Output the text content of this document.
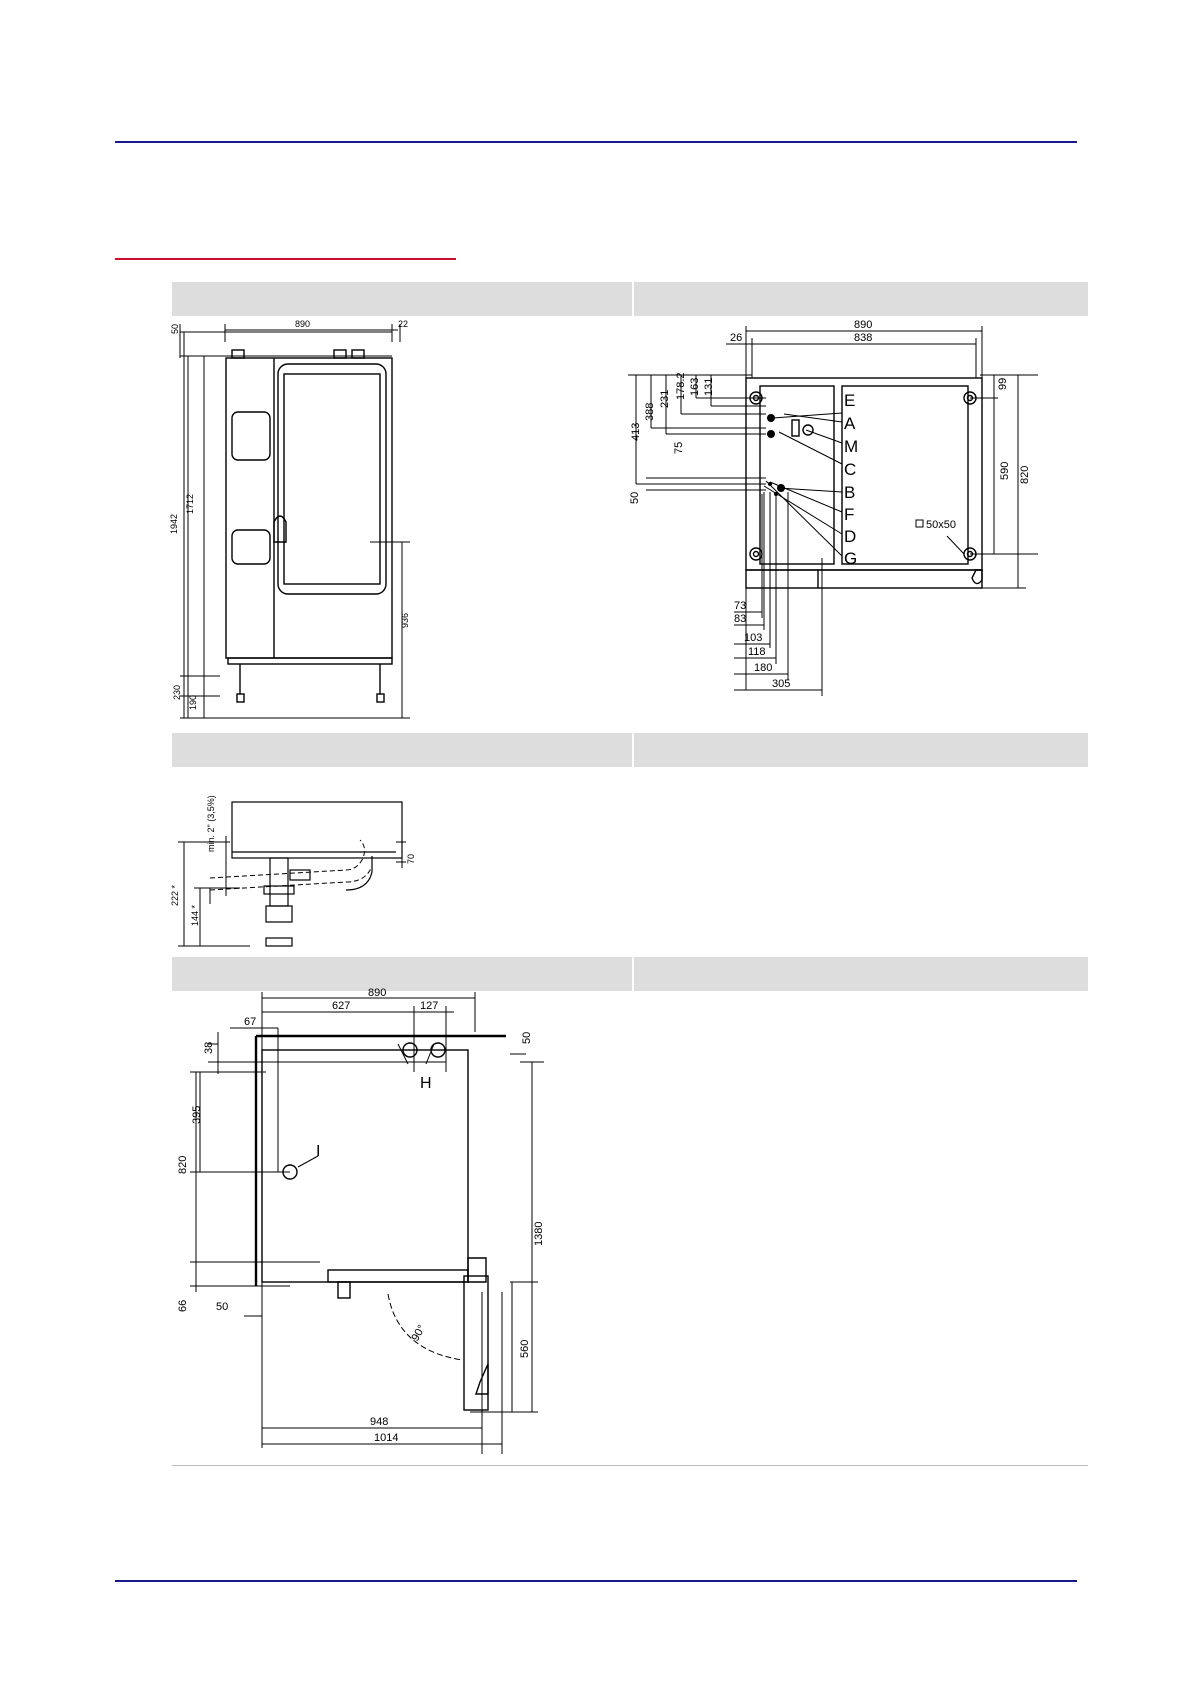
50	890	22
1942
1712
936
230
190
890
838
26
413
388
231 178.2 163 131
75
50
99
590 820
73
83
103
118
180
305
50x50
E
A
M
C
B
F
D
G
min. 2" (3,5%)
70
222 *
144 *
890
627	127
67
38
50
395
820
1380
66 50
560
90°
948
1014
H
I
